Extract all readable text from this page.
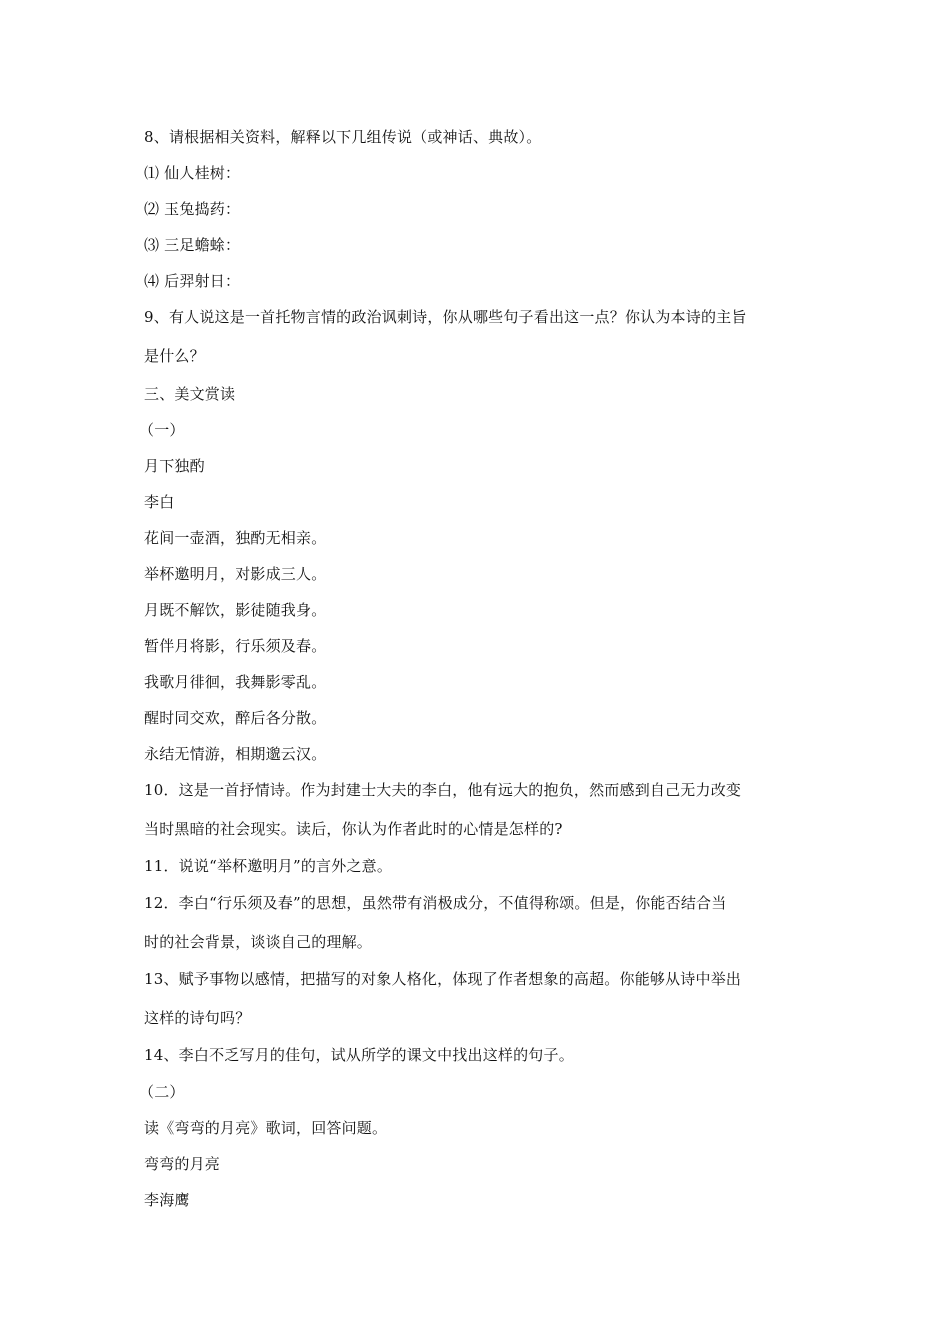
8、请根据相关资料，解释以下几组传说（或神话、典故）。
⑴ 仙人桂树：
⑵ 玉兔捣药：
⑶ 三足蟾蜍：
⑷ 后羿射日：
9、有人说这是一首托物言情的政治讽刺诗，你从哪些句子看出这一点？你认为本诗的主旨
是什么？
三、美文赏读
（一）
月下独酌
李白
花间一壶酒，独酌无相亲。
举杯邀明月，对影成三人。
月既不解饮，影徒随我身。
暂伴月将影，行乐须及春。
我歌月徘徊，我舞影零乱。
醒时同交欢，醉后各分散。
永结无情游，相期邈云汉。
10．这是一首抒情诗。作为封建士大夫的李白，他有远大的抱负，然而感到自己无力改变
当时黑暗的社会现实。读后，你认为作者此时的心情是怎样的?
11．说说“举杯邀明月”的言外之意。
12．李白“行乐须及春”的思想，虽然带有消极成分，不值得称颂。但是，你能否结合当
时的社会背景，谈谈自己的理解。
13、赋予事物以感情，把描写的对象人格化，体现了作者想象的高超。你能够从诗中举出
这样的诗句吗？
14、李白不乏写月的佳句，试从所学的课文中找出这样的句子。
（二）
读《弯弯的月亮》歌词，回答问题。
弯弯的月亮
李海鹰
